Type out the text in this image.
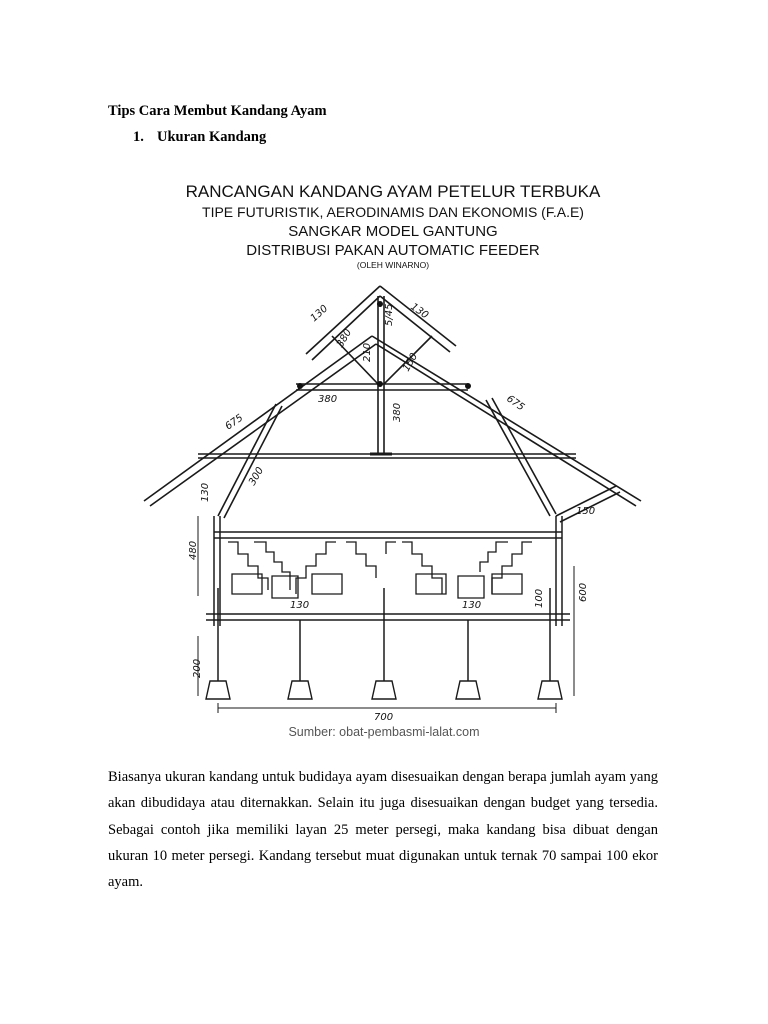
Tips Cara Membut Kandang Ayam
1. Ukuran Kandang
RANCANGAN KANDANG AYAM PETELUR TERBUKA
TIPE FUTURISTIK, AERODINAMIS DAN EKONOMIS (F.A.E)
SANGKAR MODEL GANTUNG
DISTRIBUSI PAKAN AUTOMATIC FEEDER
(OLEH WINARNO)
130	130
5/45
210
380
150
380
380
675
675
300
130
150
480
600
130	130	100
200
700
Sumber: obat-pembasmi-lalat.com

Biasanya ukuran kandang untuk budidaya ayam disesuaikan dengan berapa jumlah ayam yang akan dibudidaya atau diternakkan. Selain itu juga disesuaikan dengan budget yang tersedia. Sebagai contoh jika memiliki layan 25 meter persegi, maka kandang bisa dibuat dengan ukuran 10 meter persegi. Kandang tersebut muat digunakan untuk ternak 70 sampai 100 ekor ayam.
